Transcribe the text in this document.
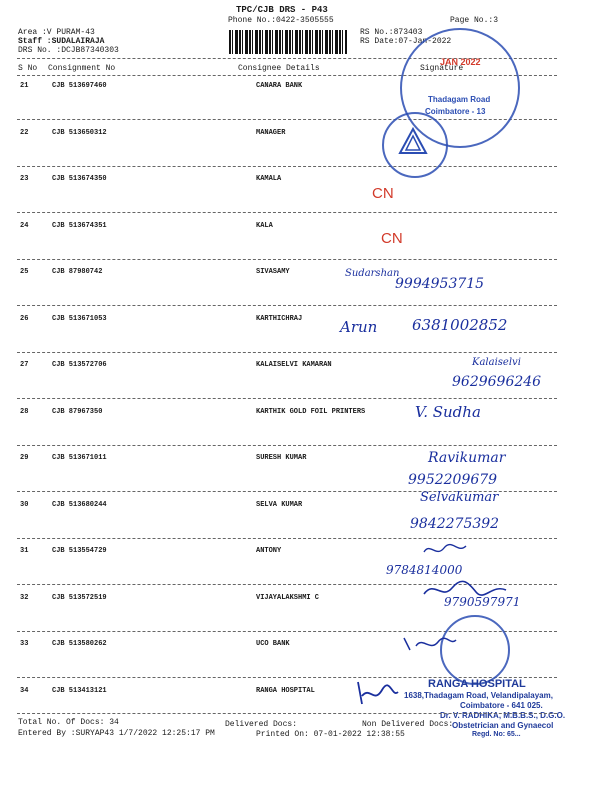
TPC/CJB DRS - P43
Phone No.:0422-3505555	Page No.:3
Area :V PURAM-43
Staff :SUDALAIRAJA
DRS No. :DCJB87340303
RS No.:873403
RS Date:07-Jan-2022
S No Consignment No	Consignee Details	Signature
21	CJB 513697460	CANARA BANK
22	CJB 513650312	MANAGER
23	CJB 513674350	KAMALA
24	CJB 513674351	KALA
25	CJB 87980742	SIVASAMY
26	CJB 513671053	KARTHICHRAJ
27	CJB 513572706	KALAISELVI KAMARAN
28	CJB 87967350	KARTHIK GOLD FOIL PRINTERS
29	CJB 513671011	SURESH KUMAR
30	CJB 513680244	SELVA KUMAR
31	CJB 513554729	ANTONY
32	CJB 513572519	VIJAYALAKSHMI C
33	CJB 513580262	UCO BANK
34	CJB 513413121	RANGA HOSPITAL
Thadagam Road
Coimbatore - 13
JAN 2022
RANGA HOSPITAL
1638,Thadagam Road, Velandipalayam,
Coimbatore - 641 025.
Dr. V. RADHIKA, M.B.B.S., D.G.O.
Obstetrician and Gynaecol
Regd. No: 65...
CN
CN
Sudarshan
9994953715
Arun 6381002852
Kalaiselvi
9629696246
V. Sudha
Ravikumar
9952209679
Selvakumar
9842275392
9784814000
9790597971
Total No. Of Docs: 34	Delivered Docs:	Non Delivered Docs:
Entered By :SURYAP43 1/7/2022 12:25:17 PM	Printed On: 07-01-2022 12:38:55
